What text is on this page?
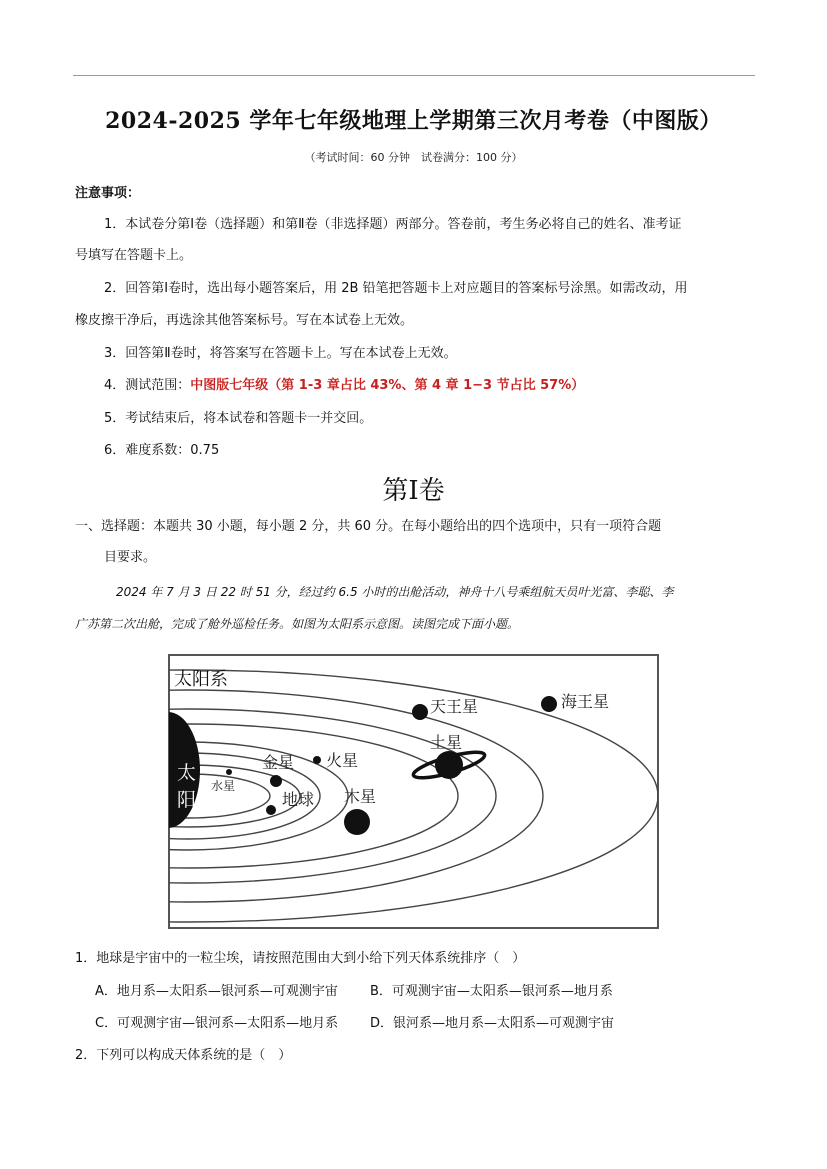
2024-2025 学年七年级地理上学期第三次月考卷（中图版）
（考试时间：60 分钟　试卷满分：100 分）
注意事项：
1．本试卷分第Ⅰ卷（选择题）和第Ⅱ卷（非选择题）两部分。答卷前，考生务必将自己的姓名、准考证
号填写在答题卡上。
2．回答第Ⅰ卷时，选出每小题答案后，用 2B 铅笔把答题卡上对应题目的答案标号涂黑。如需改动，用
橡皮擦干净后，再选涂其他答案标号。写在本试卷上无效。
3．回答第Ⅱ卷时，将答案写在答题卡上。写在本试卷上无效。
4．测试范围：中图版七年级（第 1-3 章占比 43%、第 4 章 1−3 节占比 57%）
5．考试结束后，将本试卷和答题卡一并交回。
6．难度系数：0.75
第Ⅰ卷
一、选择题：本题共 30 小题，每小题 2 分，共 60 分。在每小题给出的四个选项中，只有一项符合题
目要求。
2024 年 7 月 3 日 22 时 51 分，经过约 6.5 小时的出舱活动，神舟十八号乘组航天员叶光富、李聪、李
广苏第二次出舱，完成了舱外巡检任务。如图为太阳系示意图。读图完成下面小题。
太阳系
太
阳
水星
金星
地球
火星
木星
土星
天王星	海王星
1．地球是宇宙中的一粒尘埃，请按照范围由大到小给下列天体系统排序（　）
A．地月系—太阳系—银河系—可观测宇宙 B．可观测宇宙—太阳系—银河系—地月系
C．可观测宇宙—银河系—太阳系—地月系 D．银河系—地月系—太阳系—可观测宇宙
2．下列可以构成天体系统的是（　）
